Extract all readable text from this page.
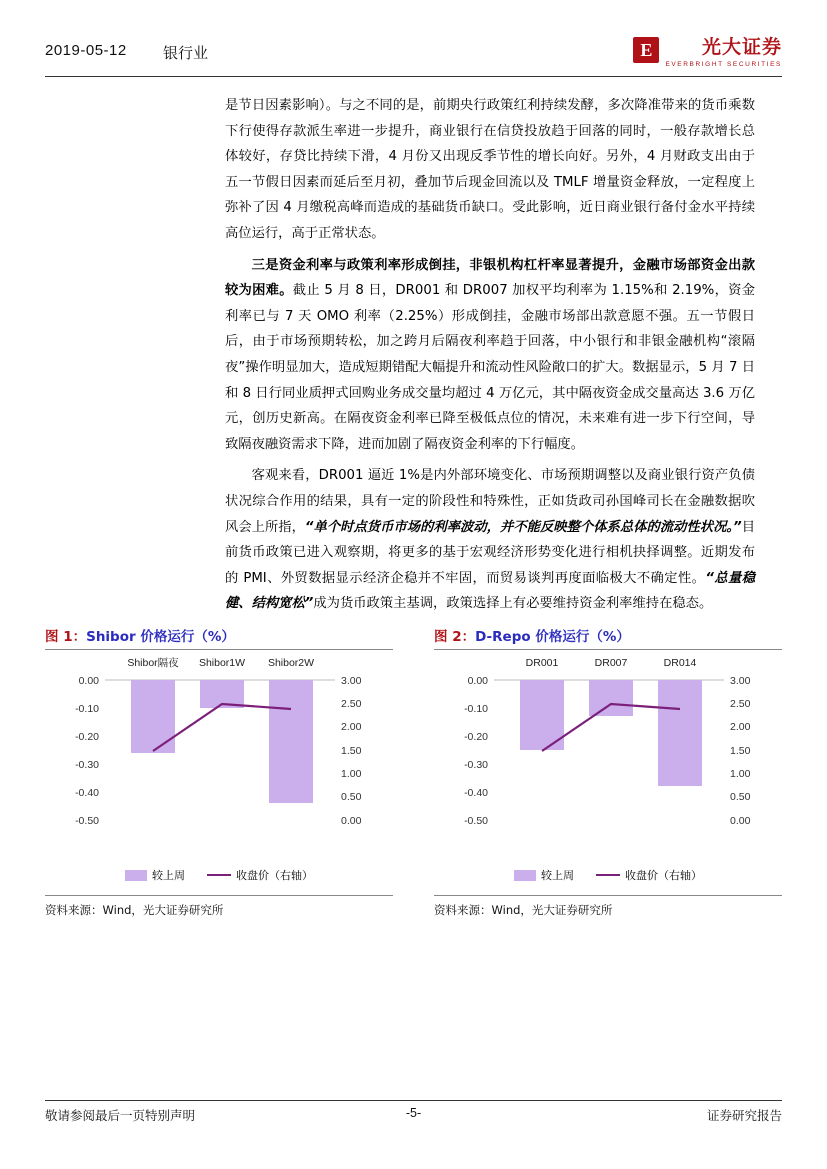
2019-05-12 银行业	E	光大证券
EVERBRIGHT SECURITIES

是节日因素影响）。与之不同的是，前期央行政策红利持续发酵，多次降准带来的货币乘数下行使得存款派生率进一步提升，商业银行在信贷投放趋于回落的同时，一般存款增长总体较好，存贷比持续下滑，4 月份又出现反季节性的增长向好。另外，4 月财政支出由于五一节假日因素而延后至月初，叠加节后现金回流以及 TMLF 增量资金释放，一定程度上弥补了因 4 月缴税高峰而造成的基础货币缺口。受此影响，近日商业银行备付金水平持续高位运行，高于正常状态。

三是资金利率与政策利率形成倒挂，非银机构杠杆率显著提升，金融市场部资金出款较为困难。截止 5 月 8 日，DR001 和 DR007 加权平均利率为 1.15%和 2.19%，资金利率已与 7 天 OMO 利率（2.25%）形成倒挂，金融市场部出款意愿不强。五一节假日后，由于市场预期转松，加之跨月后隔夜利率趋于回落，中小银行和非银金融机构“滚隔夜”操作明显加大，造成短期错配大幅提升和流动性风险敞口的扩大。数据显示，5 月 7 日和 8 日行同业质押式回购业务成交量均超过 4 万亿元，其中隔夜资金成交量高达 3.6 万亿元，创历史新高。在隔夜资金利率已降至极低点位的情况，未来难有进一步下行空间，导致隔夜融资需求下降，进而加剧了隔夜资金利率的下行幅度。

客观来看，DR001 逼近 1%是内外部环境变化、市场预期调整以及商业银行资产负债状况综合作用的结果，具有一定的阶段性和特殊性，正如货政司孙国峰司长在金融数据吹风会上所指，“单个时点货币市场的利率波动，并不能反映整个体系总体的流动性状况。”目前货币政策已进入观察期，将更多的基于宏观经济形势变化进行相机抉择调整。近期发布的 PMI、外贸数据显示经济企稳并不牢固，而贸易谈判再度面临极大不确定性。“总量稳健、结构宽松”成为货币政策主基调，政策选择上有必要维持资金利率维持在稳态。

图 1：Shibor 价格运行（%）
0.00
-0.10
-0.20
-0.30
-0.40
-0.50
3.00
2.50
2.00
1.50
1.00
0.50
0.00
Shibor隔夜 Shibor1W Shibor2W
较上周	收盘价（右轴）
资料来源：Wind，光大证券研究所
图 2：D-Repo 价格运行（%）
0.00
-0.10
-0.20
-0.30
-0.40
-0.50
3.00
2.50
2.00
1.50
1.00
0.50
0.00
DR001	DR007	DR014
较上周	收盘价（右轴）
资料来源：Wind，光大证券研究所
敬请参阅最后一页特别声明	-5-	证券研究报告
